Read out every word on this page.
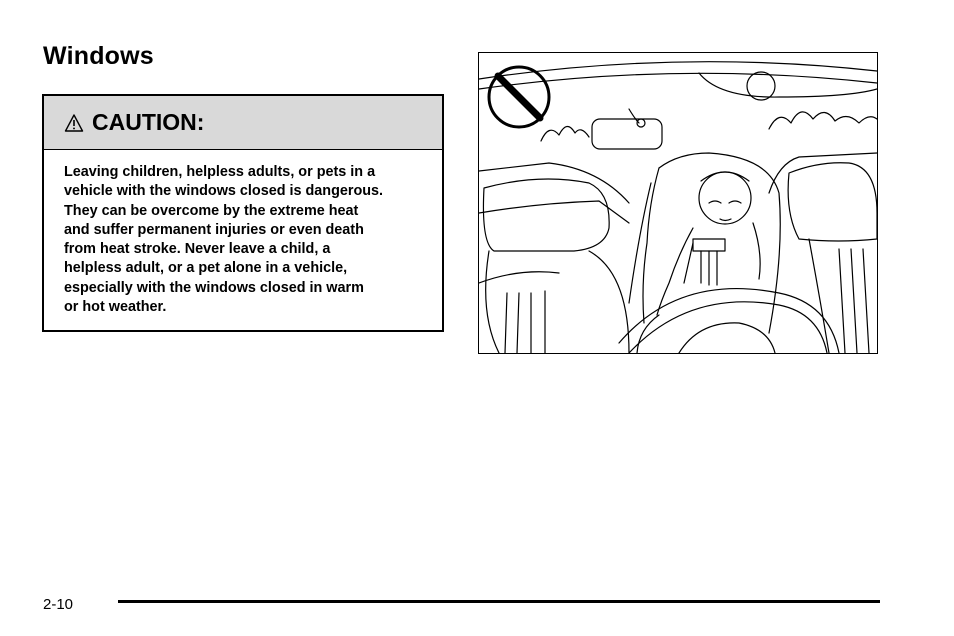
Windows
CAUTION:
Leaving children, helpless adults, or pets in a
vehicle with the windows closed is dangerous.
They can be overcome by the extreme heat
and suffer permanent injuries or even death
from heat stroke. Never leave a child, a
helpless adult, or a pet alone in a vehicle,
especially with the windows closed in warm
or hot weather.
2-10
